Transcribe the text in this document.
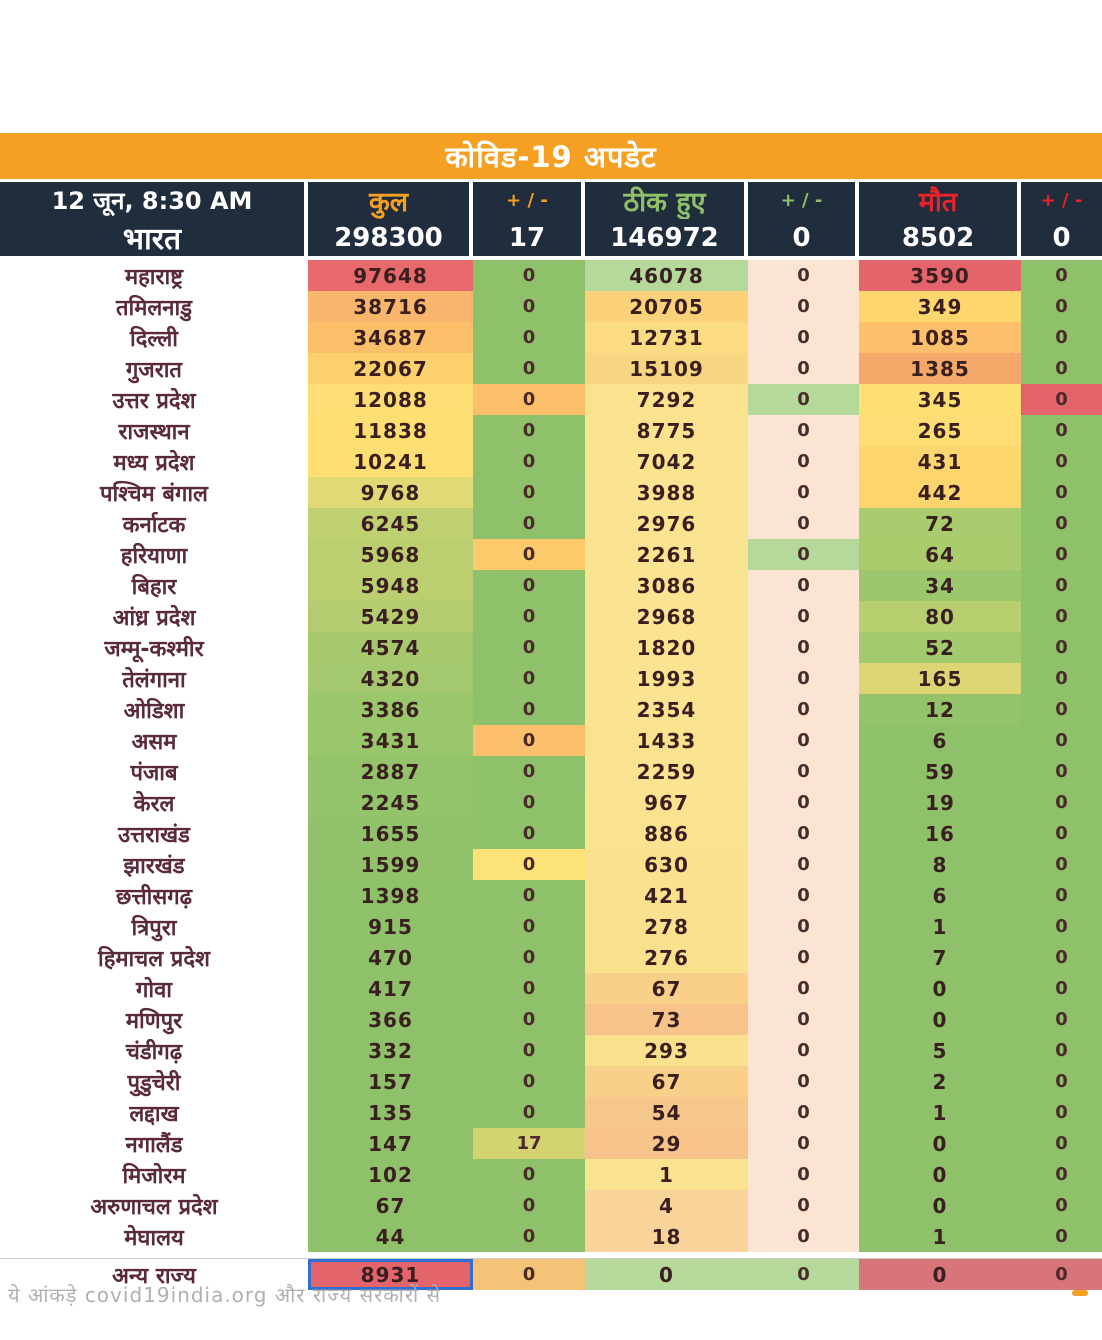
कोविड-19 अपडेट
12 जून, 8:30 AM	कुल	+ / -	ठीक हुए	+ / -	मौत	+ / -
भारत	298300	17	146972	0	8502	0
महाराष्ट्र	97648	0	46078	0	3590	0
तमिलनाडु	38716	0	20705	0	349	0
दिल्ली	34687	0	12731	0	1085	0
गुजरात	22067	0	15109	0	1385	0
उत्तर प्रदेश	12088	0	7292	0	345	0
राजस्थान	11838	0	8775	0	265	0
मध्य प्रदेश	10241	0	7042	0	431	0
पश्चिम बंगाल	9768	0	3988	0	442	0
कर्नाटक	6245	0	2976	0	72	0
हरियाणा	5968	0	2261	0	64	0
बिहार	5948	0	3086	0	34	0
आंध्र प्रदेश	5429	0	2968	0	80	0
जम्मू-कश्मीर	4574	0	1820	0	52	0
तेलंगाना	4320	0	1993	0	165	0
ओडिशा	3386	0	2354	0	12	0
असम	3431	0	1433	0	6	0
पंजाब	2887	0	2259	0	59	0
केरल	2245	0	967	0	19	0
उत्तराखंड	1655	0	886	0	16	0
झारखंड	1599	0	630	0	8	0
छत्तीसगढ़	1398	0	421	0	6	0
त्रिपुरा	915	0	278	0	1	0
हिमाचल प्रदेश	470	0	276	0	7	0
गोवा	417	0	67	0	0	0
मणिपुर	366	0	73	0	0	0
चंडीगढ़	332	0	293	0	5	0
पुडुचेरी	157	0	67	0	2	0
लद्दाख	135	0	54	0	1	0
नगालैंड	147	17	29	0	0	0
मिजोरम	102	0	1	0	0	0
अरुणाचल प्रदेश	67	0	4	0	0	0
मेघालय	44	0	18	0	1	0
अन्य राज्य	8931	0	0	0	0	0
ये आंकड़े covid19india.org और राज्य सरकारों से
